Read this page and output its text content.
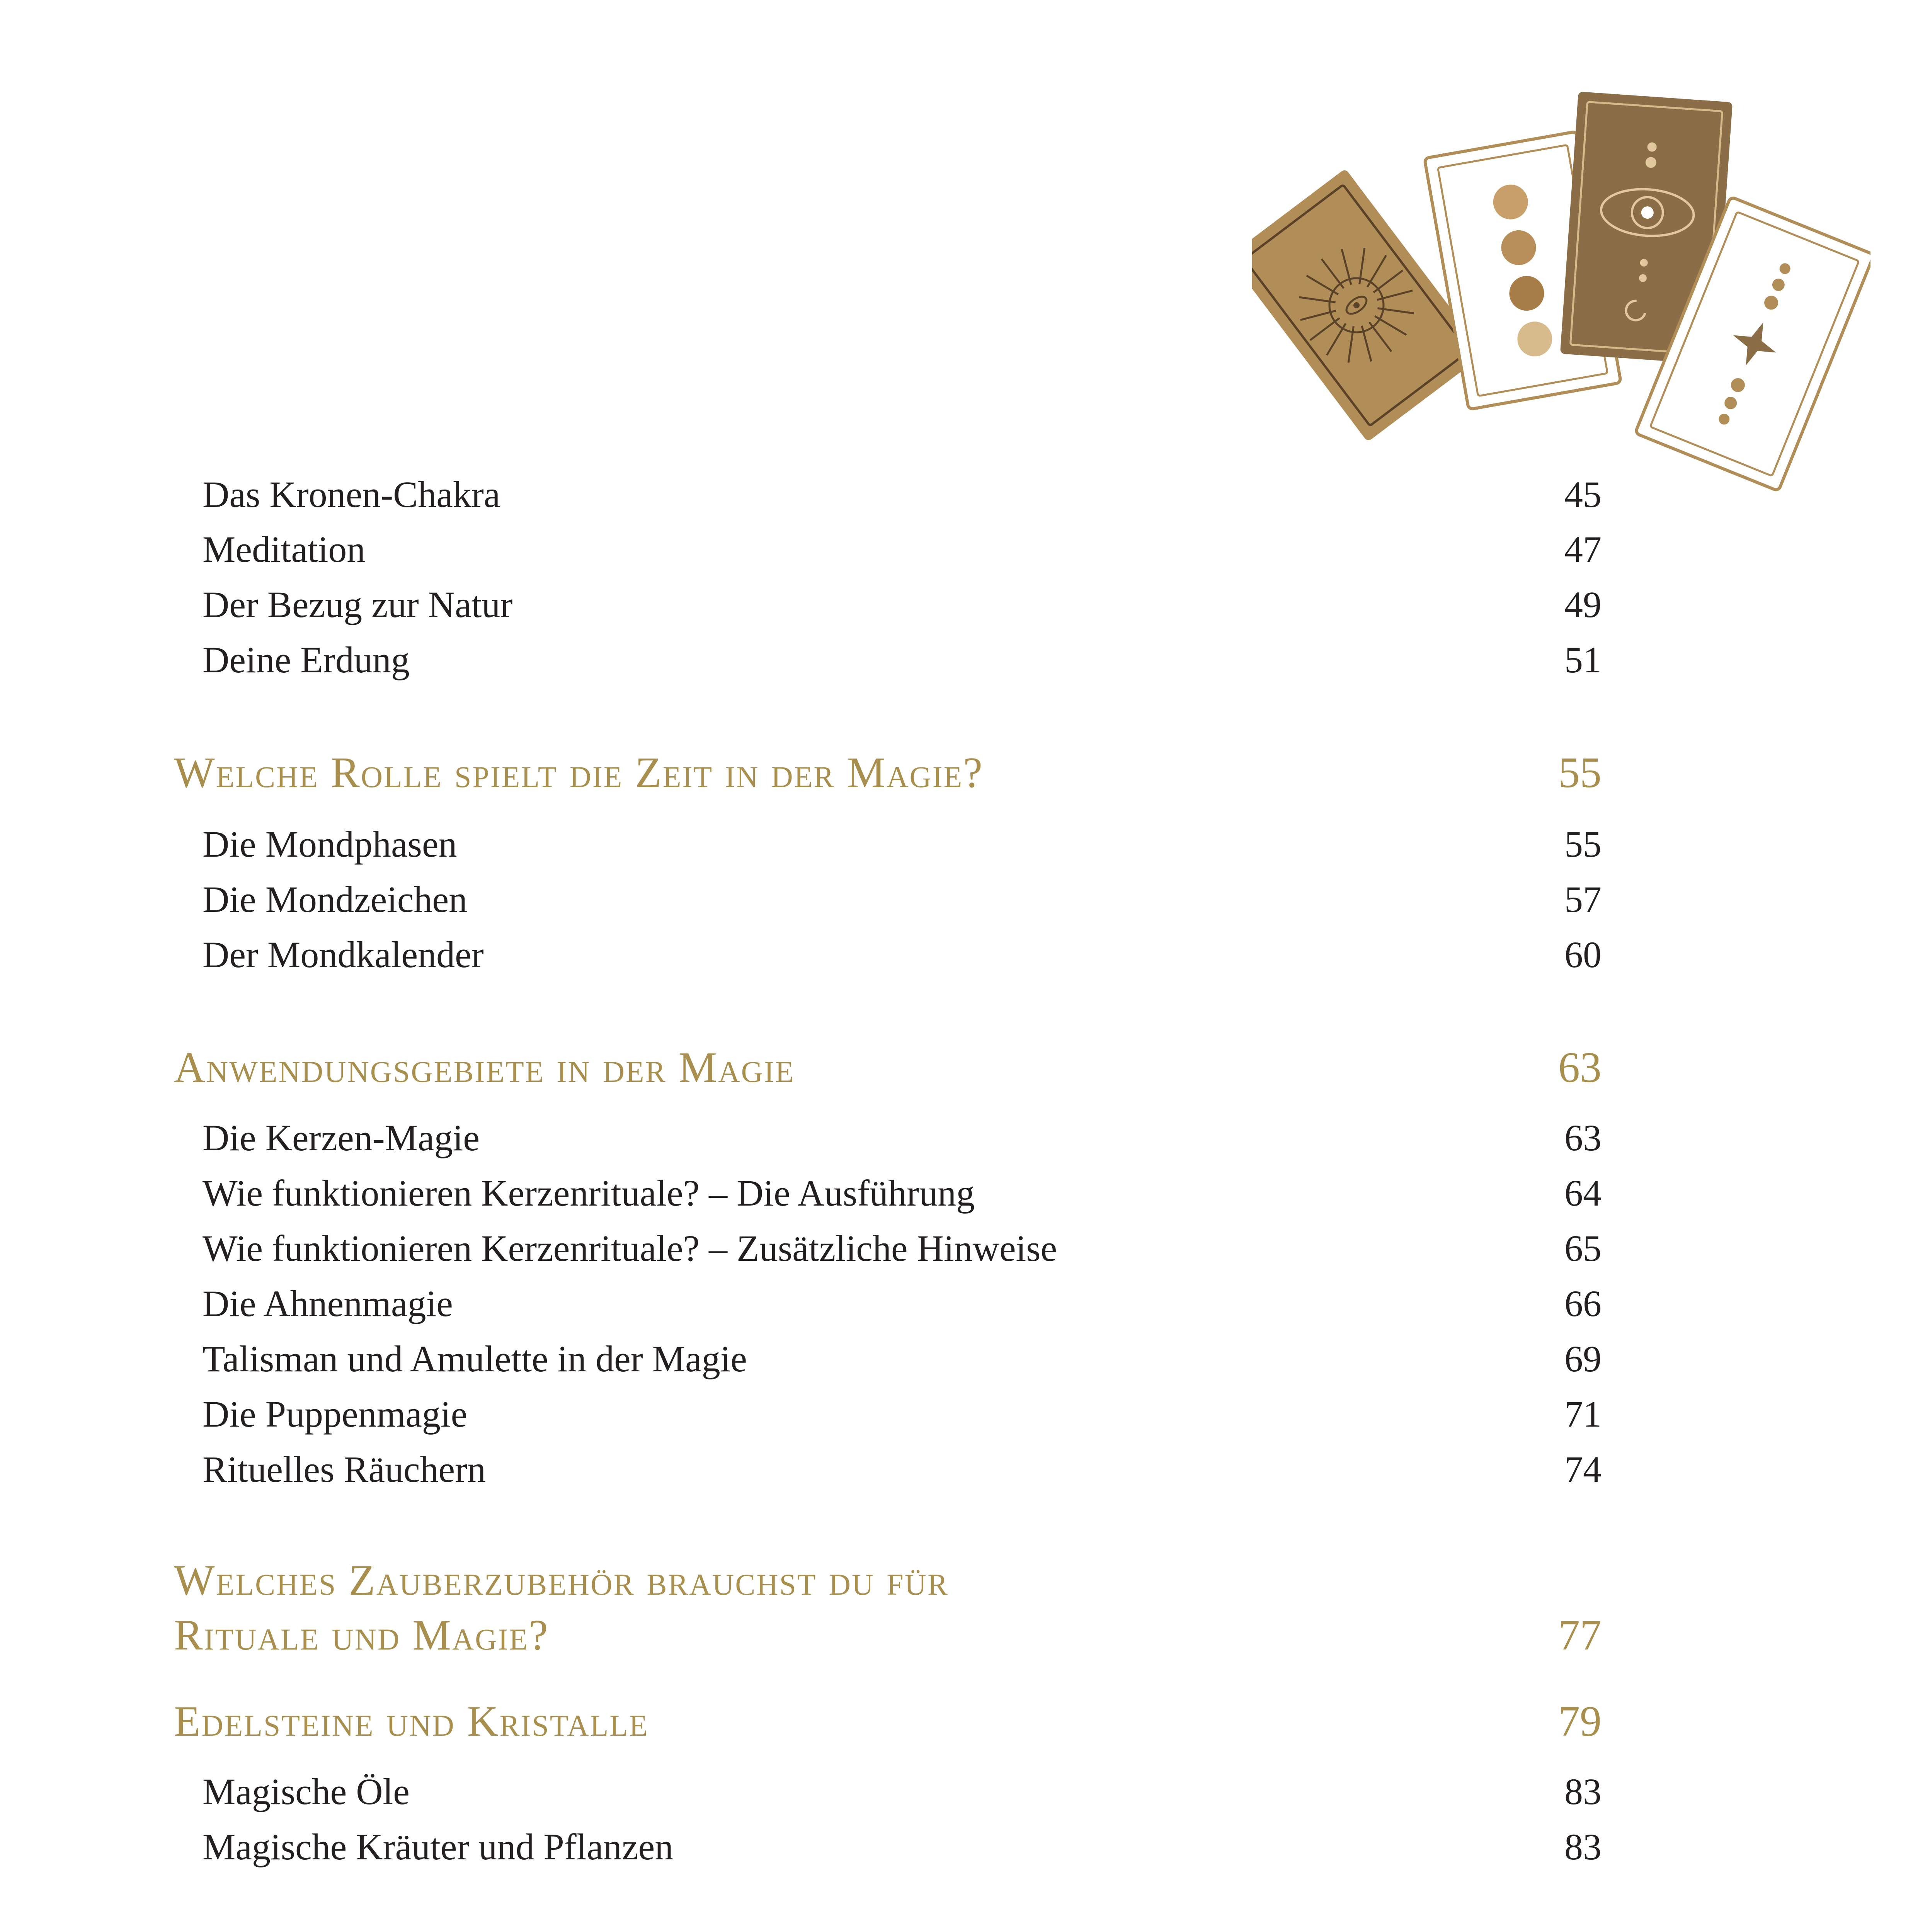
Das Kronen-Chakra	45
Meditation	47
Der Bezug zur Natur	49
Deine Erdung	51
Welche Rolle spielt die Zeit in der Magie?	55
Die Mondphasen	55
Die Mondzeichen	57
Der Mondkalender	60
Anwendungsgebiete in der Magie	63
Die Kerzen-Magie	63
Wie funktionieren Kerzenrituale? – Die Ausführung	64
Wie funktionieren Kerzenrituale? – Zusätzliche Hinweise	65
Die Ahnenmagie	66
Talisman und Amulette in der Magie	69
Die Puppenmagie	71
Rituelles Räuchern	74
Welches Zauberzubehör brauchst du für
Rituale und Magie?	77
Edelsteine und Kristalle	79
Magische Öle	83
Magische Kräuter und Pflanzen	83
